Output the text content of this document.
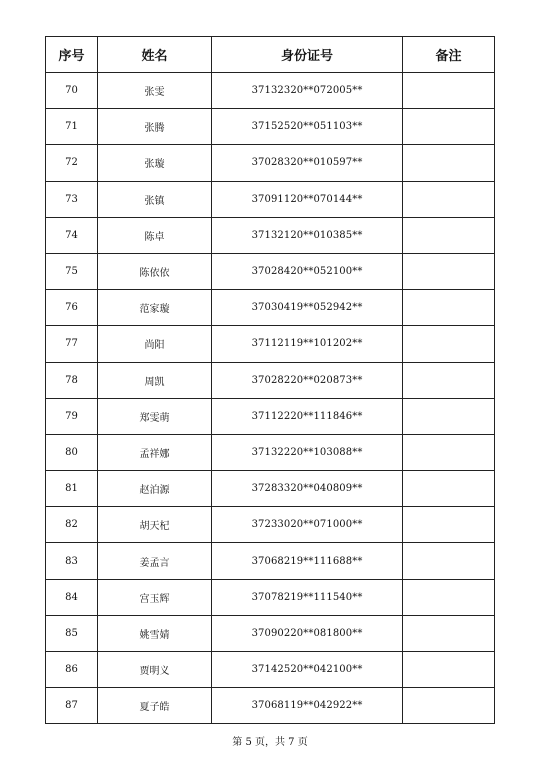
序号	姓名	身份证号	备注
70	张雯	37132320**072005**	
71	张腾	37152520**051103**	
72	张璇	37028320**010597**	
73	张镇	37091120**070144**	
74	陈卓	37132120**010385**	
75	陈依依	37028420**052100**	
76	范家璇	37030419**052942**	
77	尚阳	37112119**101202**	
78	周凯	37028220**020873**	
79	郑雯萌	37112220**111846**	
80	孟祥娜	37132220**103088**	
81	赵泊源	37283320**040809**	
82	胡天杞	37233020**071000**	
83	姜孟言	37068219**111688**	
84	宫玉辉	37078219**111540**	
85	姚雪婧	37090220**081800**	
86	贾明义	37142520**042100**	
87	夏子皓	37068119**042922**	
第 5 页，共 7 页
